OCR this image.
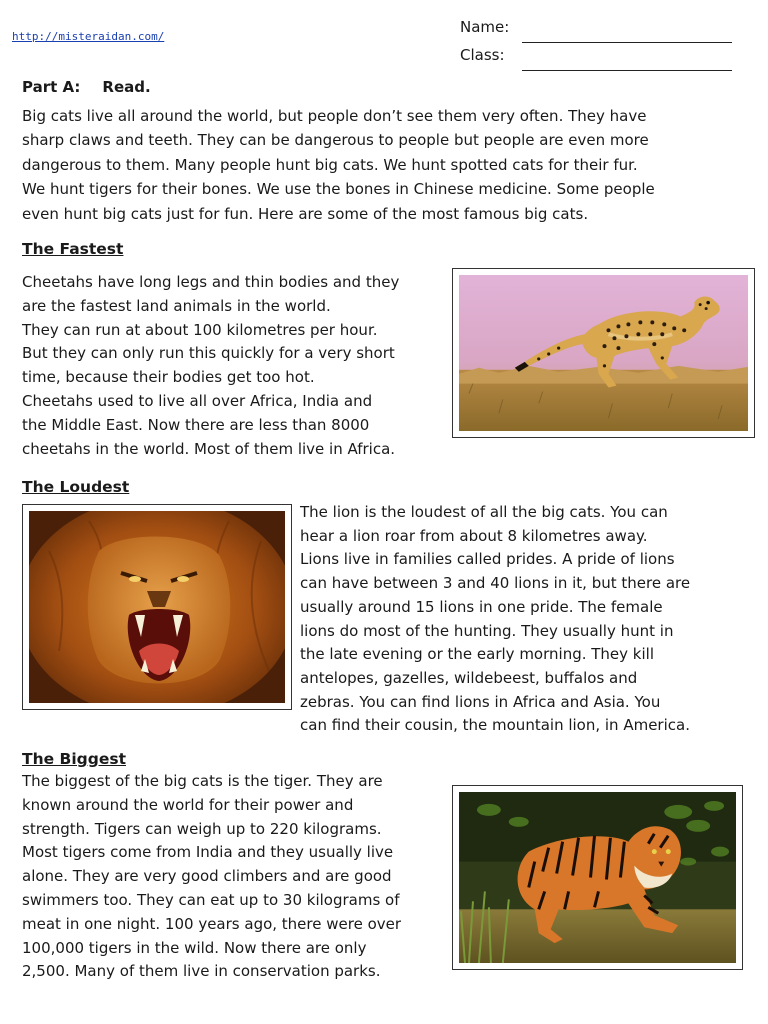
http://misteraidan.com/
Name:
Class:
Part A: Read.
Big cats live all around the world, but people don’t see them very often. They have
sharp claws and teeth. They can be dangerous to people but people are even more
dangerous to them. Many people hunt big cats. We hunt spotted cats for their fur.
We hunt tigers for their bones. We use the bones in Chinese medicine. Some people
even hunt big cats just for fun. Here are some of the most famous big cats.
The Fastest
Cheetahs have long legs and thin bodies and they
are the fastest land animals in the world.
They can run at about 100 kilometres per hour.
But they can only run this quickly for a very short
time, because their bodies get too hot.
Cheetahs used to live all over Africa, India and
the Middle East. Now there are less than 8000
cheetahs in the world. Most of them live in Africa.
The Loudest
The lion is the loudest of all the big cats. You can
hear a lion roar from about 8 kilometres away.
Lions live in families called prides. A pride of lions
can have between 3 and 40 lions in it, but there are
usually around 15 lions in one pride. The female
lions do most of the hunting. They usually hunt in
the late evening or the early morning. They kill
antelopes, gazelles, wildebeest, buffalos and
zebras. You can find lions in Africa and Asia. You
can find their cousin, the mountain lion, in America.
The Biggest
The biggest of the big cats is the tiger. They are
known around the world for their power and
strength. Tigers can weigh up to 220 kilograms.
Most tigers come from India and they usually live
alone. They are very good climbers and are good
swimmers too. They can eat up to 30 kilograms of
meat in one night. 100 years ago, there were over
100,000 tigers in the wild. Now there are only
2,500. Many of them live in conservation parks.
